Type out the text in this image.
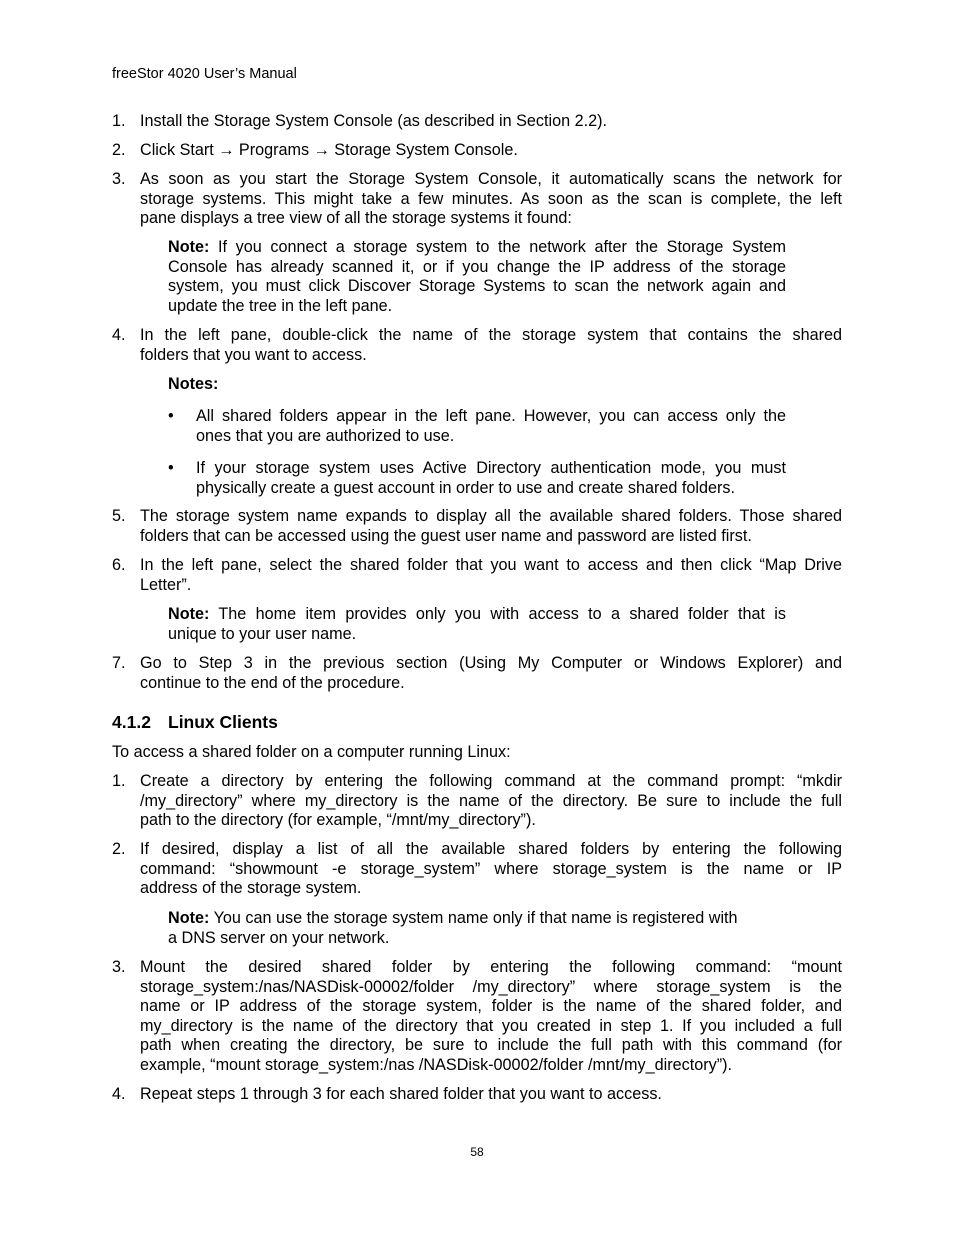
freeStor 4020 User’s Manual
1. Install the Storage System Console (as described in Section 2.2).
2. Click Start → Programs → Storage System Console.
3. As soon as you start the Storage System Console, it automatically scans the network for
storage systems. This might take a few minutes. As soon as the scan is complete, the left
pane displays a tree view of all the storage systems it found:
Note: If you connect a storage system to the network after the Storage System
Console has already scanned it, or if you change the IP address of the storage
system, you must click Discover Storage Systems to scan the network again and
update the tree in the left pane.
4. In the left pane, double-click the name of the storage system that contains the shared
folders that you want to access.
Notes:
• All shared folders appear in the left pane. However, you can access only the
ones that you are authorized to use.
• If your storage system uses Active Directory authentication mode, you must
physically create a guest account in order to use and create shared folders.
5. The storage system name expands to display all the available shared folders. Those shared
folders that can be accessed using the guest user name and password are listed first.
6. In the left pane, select the shared folder that you want to access and then click “Map Drive
Letter”.
Note: The home item provides only you with access to a shared folder that is
unique to your user name.
7. Go to Step 3 in the previous section (Using My Computer or Windows Explorer) and
continue to the end of the procedure.
4.1.2 Linux Clients
To access a shared folder on a computer running Linux:
1. Create a directory by entering the following command at the command prompt: “mkdir
/my_directory” where my_directory is the name of the directory. Be sure to include the full
path to the directory (for example, “/mnt/my_directory”).
2. If desired, display a list of all the available shared folders by entering the following
command: “showmount -e storage_system” where storage_system is the name or IP
address of the storage system.
Note: You can use the storage system name only if that name is registered with
a DNS server on your network.
3. Mount the desired shared folder by entering the following command: “mount
storage_system:/nas/NASDisk-00002/folder /my_directory” where storage_system is the
name or IP address of the storage system, folder is the name of the shared folder, and
my_directory is the name of the directory that you created in step 1. If you included a full
path when creating the directory, be sure to include the full path with this command (for
example, “mount storage_system:/nas /NASDisk-00002/folder /mnt/my_directory”).
4. Repeat steps 1 through 3 for each shared folder that you want to access.
58
